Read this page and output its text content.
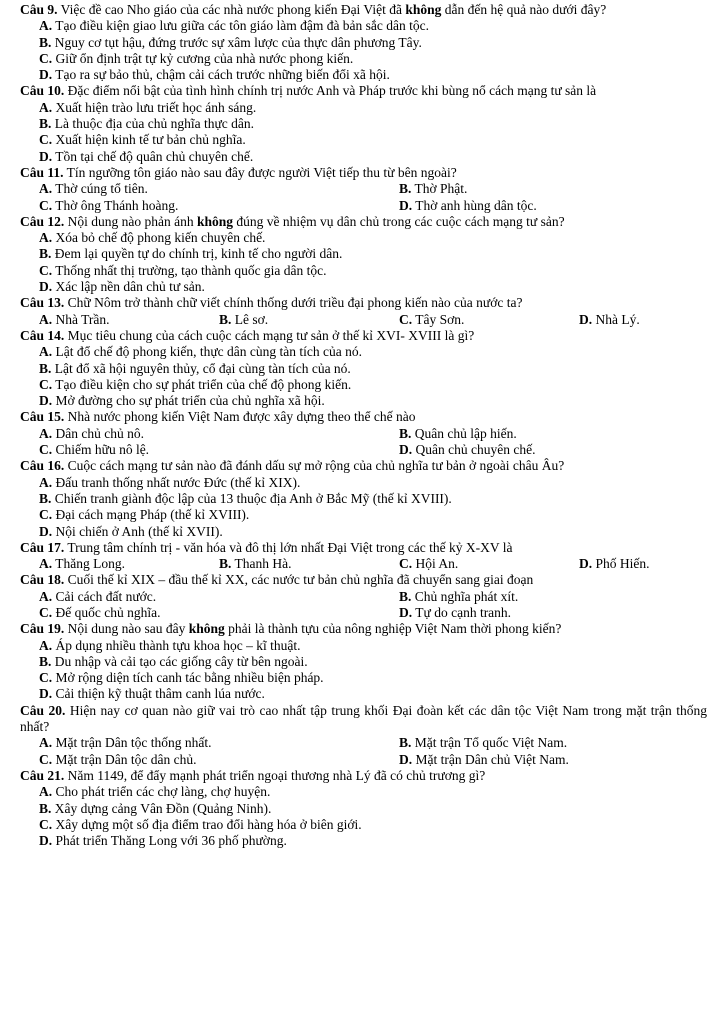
Câu 9. Việc đề cao Nho giáo của các nhà nước phong kiến Đại Việt đã không dẫn đến hệ quả nào dưới đây?

A. Tạo điều kiện giao lưu giữa các tôn giáo làm đậm đà bản sắc dân tộc.

B. Nguy cơ tụt hậu, đứng trước sự xâm lược của thực dân phương Tây.

C. Giữ ổn định trật tự kỷ cương của nhà nước phong kiến.

D. Tạo ra sự bảo thủ, chậm cải cách trước những biến đổi xã hội.

Câu 10. Đặc điểm nổi bật của tình hình chính trị nước Anh và Pháp trước khi bùng nổ cách mạng tư sản là

A. Xuất hiện trào lưu triết học ánh sáng.

B. Là thuộc địa của chủ nghĩa thực dân.

C. Xuất hiện kinh tế tư bản chủ nghĩa.

D. Tồn tại chế độ quân chủ chuyên chế.

Câu 11. Tín ngưỡng tôn giáo nào sau đây được người Việt tiếp thu từ bên ngoài?

A. Thờ cúng tổ tiên.	B. Thờ Phật.

C. Thờ ông Thánh hoàng.	D. Thờ anh hùng dân tộc.

Câu 12. Nội dung nào phản ánh không đúng về nhiệm vụ dân chủ trong các cuộc cách mạng tư sản?

A. Xóa bỏ chế độ phong kiến chuyên chế.

B. Đem lại quyền tự do chính trị, kinh tế cho người dân.

C. Thống nhất thị trường, tạo thành quốc gia dân tộc.

D. Xác lập nền dân chủ tư sản.

Câu 13. Chữ Nôm trở thành chữ viết chính thống dưới triều đại phong kiến nào của nước ta?

A. Nhà Trần.	B. Lê sơ.	C. Tây Sơn.	D. Nhà Lý.

Câu 14. Mục tiêu chung của cách cuộc cách mạng tư sản ở thế kỉ XVI- XVIII là gì?

A. Lật đổ chế độ phong kiến, thực dân cùng tàn tích của nó.

B. Lật đổ xã hội nguyên thủy, cổ đại cùng tàn tích của nó.

C. Tạo điều kiện cho sự phát triển của chế độ phong kiến.

D. Mở đường cho sự phát triển của chủ nghĩa xã hội.

Câu 15. Nhà nước phong kiến Việt Nam được xây dựng theo thể chế nào

A. Dân chủ chủ nô.	B. Quân chủ lập hiến.

C. Chiếm hữu nô lệ.	D. Quân chủ chuyên chế.

Câu 16. Cuộc cách mạng tư sản nào đã đánh dấu sự mở rộng của chủ nghĩa tư bản ở ngoài châu Âu?

A. Đấu tranh thống nhất nước Đức (thế kỉ XIX).

B. Chiến tranh giành độc lập của 13 thuộc địa Anh ở Bắc Mỹ (thế kỉ XVIII).

C. Đại cách mạng Pháp (thế kỉ XVIII).

D. Nội chiến ở Anh (thế kỉ XVII).

Câu 17. Trung tâm chính trị - văn hóa và đô thị lớn nhất Đại Việt trong các thế kỷ X-XV là

A. Thăng Long.	B. Thanh Hà.	C. Hội An.	D. Phố Hiến.

Câu 18. Cuối thế kỉ XIX – đầu thế kỉ XX, các nước tư bản chủ nghĩa đã chuyển sang giai đoạn

A. Cải cách đất nước.	B. Chủ nghĩa phát xít.

C. Đế quốc chủ nghĩa.	D. Tự do cạnh tranh.

Câu 19. Nội dung nào sau đây không phải là thành tựu của nông nghiệp Việt Nam thời phong kiến?

A. Áp dụng nhiều thành tựu khoa học – kĩ thuật.

B. Du nhập và cải tạo các giống cây từ bên ngoài.

C. Mở rộng diện tích canh tác bằng nhiều biện pháp.

D. Cải thiện kỹ thuật thâm canh lúa nước.

Câu 20. Hiện nay cơ quan nào giữ vai trò cao nhất tập trung khối Đại đoàn kết các dân tộc Việt Nam trong mặt trận thống nhất?

A. Mặt trận Dân tộc thống nhất.	B. Mặt trận Tổ quốc Việt Nam.

C. Mặt trận Dân tộc dân chủ.	D. Mặt trận Dân chủ Việt Nam.

Câu 21. Năm 1149, để đẩy mạnh phát triển ngoại thương nhà Lý đã có chủ trương gì?

A. Cho phát triển các chợ làng, chợ huyện.

B. Xây dựng cảng Vân Đồn (Quảng Ninh).

C. Xây dựng một số địa điểm trao đổi hàng hóa ở biên giới.

D. Phát triển Thăng Long với 36 phố phường.
